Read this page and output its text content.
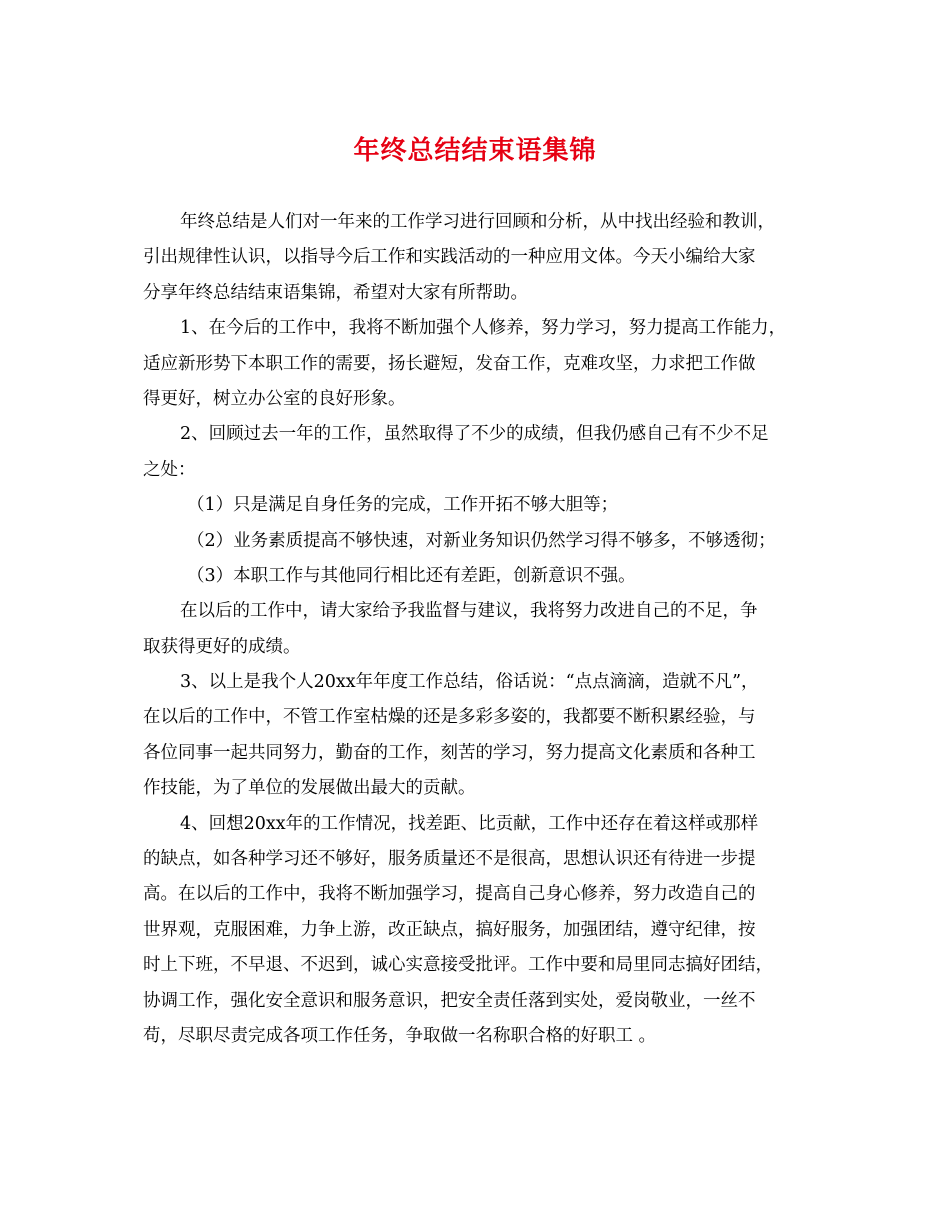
年终总结结束语集锦
年终总结是人们对一年来的工作学习进行回顾和分析，从中找出经验和教训，
引出规律性认识，以指导今后工作和实践活动的一种应用文体。今天小编给大家
分享年终总结结束语集锦，希望对大家有所帮助。
1、在今后的工作中，我将不断加强个人修养，努力学习，努力提高工作能力，
适应新形势下本职工作的需要，扬长避短，发奋工作，克难攻坚，力求把工作做
得更好，树立办公室的良好形象。
2、回顾过去一年的工作，虽然取得了不少的成绩，但我仍感自己有不少不足
之处：
（1）只是满足自身任务的完成，工作开拓不够大胆等；
（2）业务素质提高不够快速，对新业务知识仍然学习得不够多，不够透彻；
（3）本职工作与其他同行相比还有差距，创新意识不强。
在以后的工作中，请大家给予我监督与建议，我将努力改进自己的不足，争
取获得更好的成绩。
3、以上是我个人20xx年年度工作总结，俗话说：“点点滴滴，造就不凡”，
在以后的工作中，不管工作室枯燥的还是多彩多姿的，我都要不断积累经验，与
各位同事一起共同努力，勤奋的工作，刻苦的学习，努力提高文化素质和各种工
作技能，为了单位的发展做出最大的贡献。
4、回想20xx年的工作情况，找差距、比贡献，工作中还存在着这样或那样
的缺点，如各种学习还不够好，服务质量还不是很高，思想认识还有待进一步提
高。在以后的工作中，我将不断加强学习，提高自己身心修养，努力改造自己的
世界观，克服困难，力争上游，改正缺点，搞好服务，加强团结，遵守纪律，按
时上下班，不早退、不迟到，诚心实意接受批评。工作中要和局里同志搞好团结，
协调工作，强化安全意识和服务意识，把安全责任落到实处，爱岗敬业，一丝不
苟，尽职尽责完成各项工作任务，争取做一名称职合格的好职工 。
